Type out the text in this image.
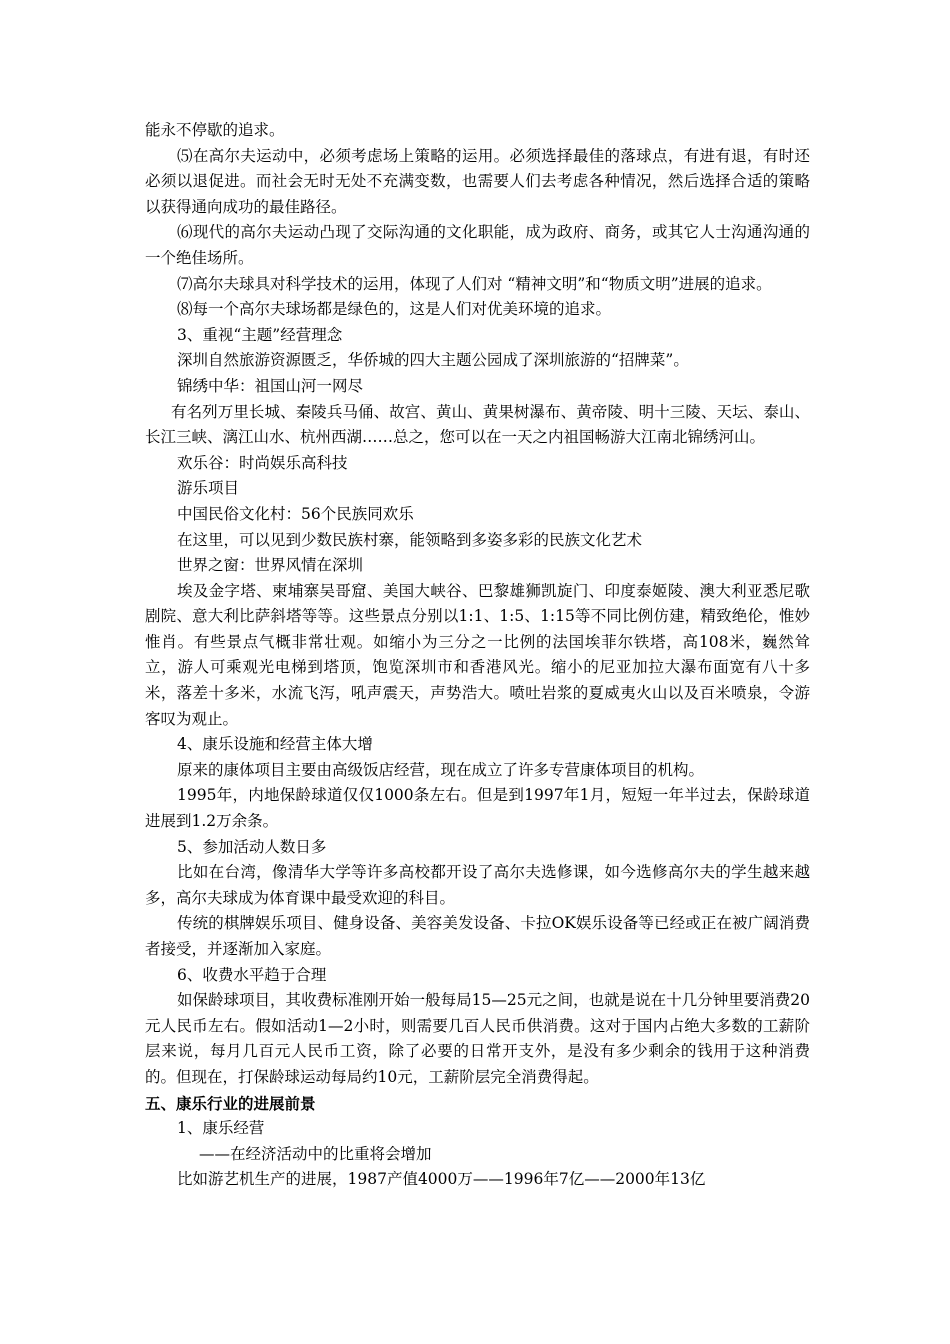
能永不停歇的追求。

⑸在高尔夫运动中，必须考虑场上策略的运用。必须选择最佳的落球点，有进有退，有时还必须以退促进。而社会无时无处不充满变数，也需要人们去考虑各种情况，然后选择合适的策略以获得通向成功的最佳路径。

⑹现代的高尔夫运动凸现了交际沟通的文化职能，成为政府、商务，或其它人士沟通沟通的一个绝佳场所。

⑺高尔夫球具对科学技术的运用，体现了人们对 “精神文明”和“物质文明”进展的追求。

⑻每一个高尔夫球场都是绿色的，这是人们对优美环境的追求。

3、重视“主题”经营理念

深圳自然旅游资源匮乏，华侨城的四大主题公园成了深圳旅游的“招牌菜”。

锦绣中华：祖国山河一网尽

有名列万里长城、秦陵兵马俑、故宫、黄山、黄果树瀑布、黄帝陵、明十三陵、天坛、泰山、长江三峡、漓江山水、杭州西湖……总之，您可以在一天之内祖国畅游大江南北锦绣河山。

欢乐谷：时尚娱乐高科技

游乐项目

中国民俗文化村：56个民族同欢乐

在这里，可以见到少数民族村寨，能领略到多姿多彩的民族文化艺术

世界之窗：世界风情在深圳

埃及金字塔、柬埔寨吴哥窟、美国大峡谷、巴黎雄狮凯旋门、印度泰姬陵、澳大利亚悉尼歌剧院、意大利比萨斜塔等等。这些景点分别以1:1、1:5、1:15等不同比例仿建，精致绝伦，惟妙惟肖。有些景点气概非常壮观。如缩小为三分之一比例的法国埃菲尔铁塔，高108米，巍然耸立，游人可乘观光电梯到塔顶，饱览深圳市和香港风光。缩小的尼亚加拉大瀑布面宽有八十多米，落差十多米，水流飞泻，吼声震天，声势浩大。喷吐岩浆的夏威夷火山以及百米喷泉，令游客叹为观止。

4、康乐设施和经营主体大增

原来的康体项目主要由高级饭店经营，现在成立了许多专营康体项目的机构。

1995年，内地保龄球道仅仅1000条左右。但是到1997年1月，短短一年半过去，保龄球道进展到1.2万余条。

5、参加活动人数日多

比如在台湾，像清华大学等许多高校都开设了高尔夫选修课，如今选修高尔夫的学生越来越多，高尔夫球成为体育课中最受欢迎的科目。

传统的棋牌娱乐项目、健身设备、美容美发设备、卡拉OK娱乐设备等已经或正在被广阔消费者接受，并逐渐加入家庭。

6、收费水平趋于合理

如保龄球项目，其收费标准刚开始一般每局15—25元之间，也就是说在十几分钟里要消费20元人民币左右。假如活动1—2小时，则需要几百人民币供消费。这对于国内占绝大多数的工薪阶层来说，每月几百元人民币工资，除了必要的日常开支外，是没有多少剩余的钱用于这种消费的。但现在，打保龄球运动每局约10元，工薪阶层完全消费得起。

五、康乐行业的进展前景

1、康乐经营

——在经济活动中的比重将会增加

比如游艺机生产的进展，1987产值4000万——1996年7亿——2000年13亿
